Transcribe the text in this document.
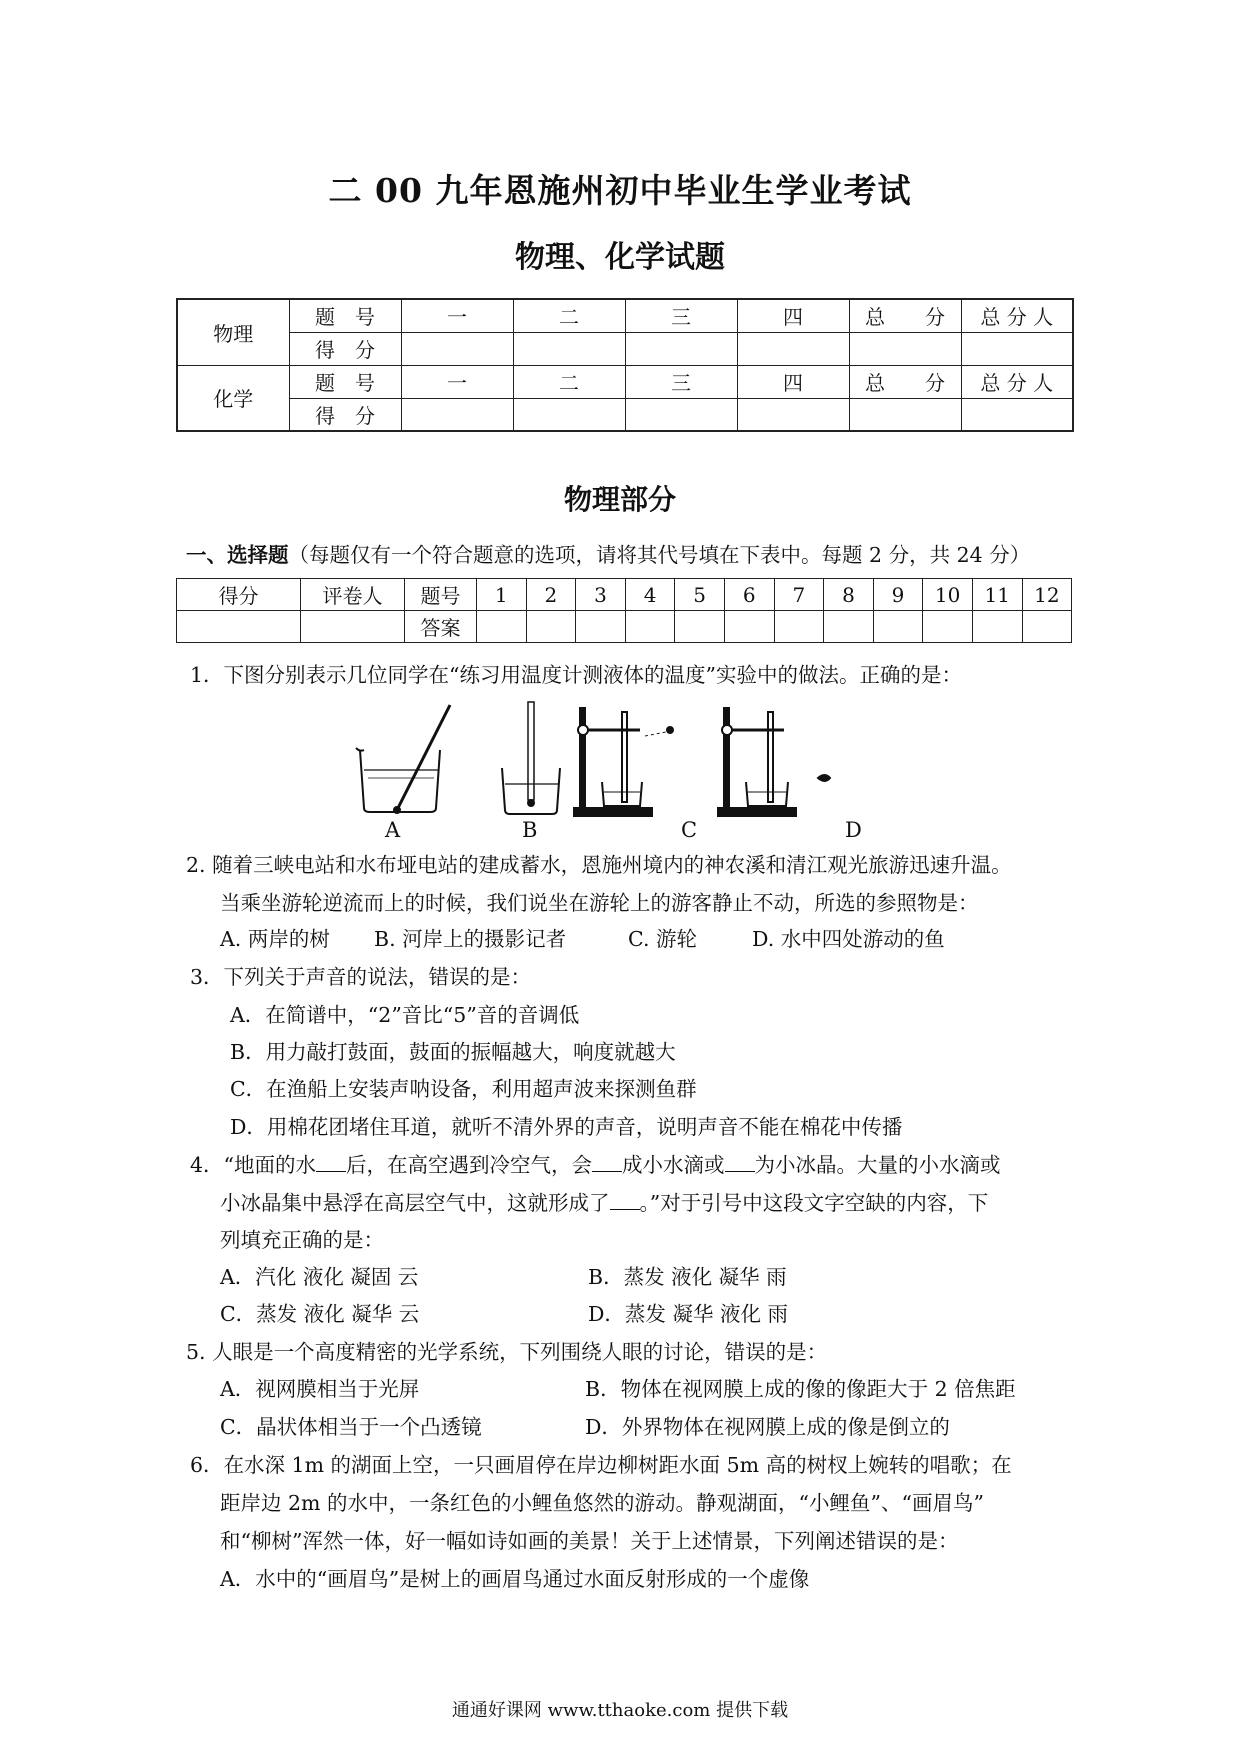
二 00 九年恩施州初中毕业生学业考试
物理、化学试题
物理	题　号	一	二	三	四	总　　分	总 分 人
	得　分						
化学	题　号	一	二	三	四	总　　分	总 分 人
	得　分						
物理部分
一、选择题（每题仅有一个符合题意的选项，请将其代号填在下表中。每题 2 分，共 24 分）
得分	评卷人	题号	1	2	3	4	5	6	7	8	9	10	11	12
		答案												
1．下图分别表示几位同学在“练习用温度计测液体的温度”实验中的做法。正确的是：
A	B	C	D
2. 随着三峡电站和水布垭电站的建成蓄水，恩施州境内的神农溪和清江观光旅游迅速升温。
当乘坐游轮逆流而上的时候，我们说坐在游轮上的游客静止不动，所选的参照物是：
A. 两岸的树 B. 河岸上的摄影记者	C. 游轮	D. 水中四处游动的鱼
3．下列关于声音的说法，错误的是：
A．在简谱中，“2”音比“5”音的音调低
B．用力敲打鼓面，鼓面的振幅越大，响度就越大
C．在渔船上安装声呐设备，利用超声波来探测鱼群
D．用棉花团堵住耳道，就听不清外界的声音，说明声音不能在棉花中传播
4．“地面的水 后，在高空遇到冷空气，会 成小水滴或 为小冰晶。大量的小水滴或
小冰晶集中悬浮在高层空气中，这就形成了 。”对于引号中这段文字空缺的内容，下
列填充正确的是：
A．汽化 液化 凝固 云	B．蒸发 液化 凝华 雨
C．蒸发 液化 凝华 云	D．蒸发 凝华 液化 雨
5. 人眼是一个高度精密的光学系统，下列围绕人眼的讨论，错误的是：
A．视网膜相当于光屏	B．物体在视网膜上成的像的像距大于 2 倍焦距
C．晶状体相当于一个凸透镜	D．外界物体在视网膜上成的像是倒立的
6．在水深 1m 的湖面上空，一只画眉停在岸边柳树距水面 5m 高的树杈上婉转的唱歌；在
距岸边 2m 的水中，一条红色的小鲤鱼悠然的游动。静观湖面，“小鲤鱼”、“画眉鸟”
和“柳树”浑然一体，好一幅如诗如画的美景！关于上述情景，下列阐述错误的是：
A．水中的“画眉鸟”是树上的画眉鸟通过水面反射形成的一个虚像
通通好课网 www.tthaoke.com 提供下载
